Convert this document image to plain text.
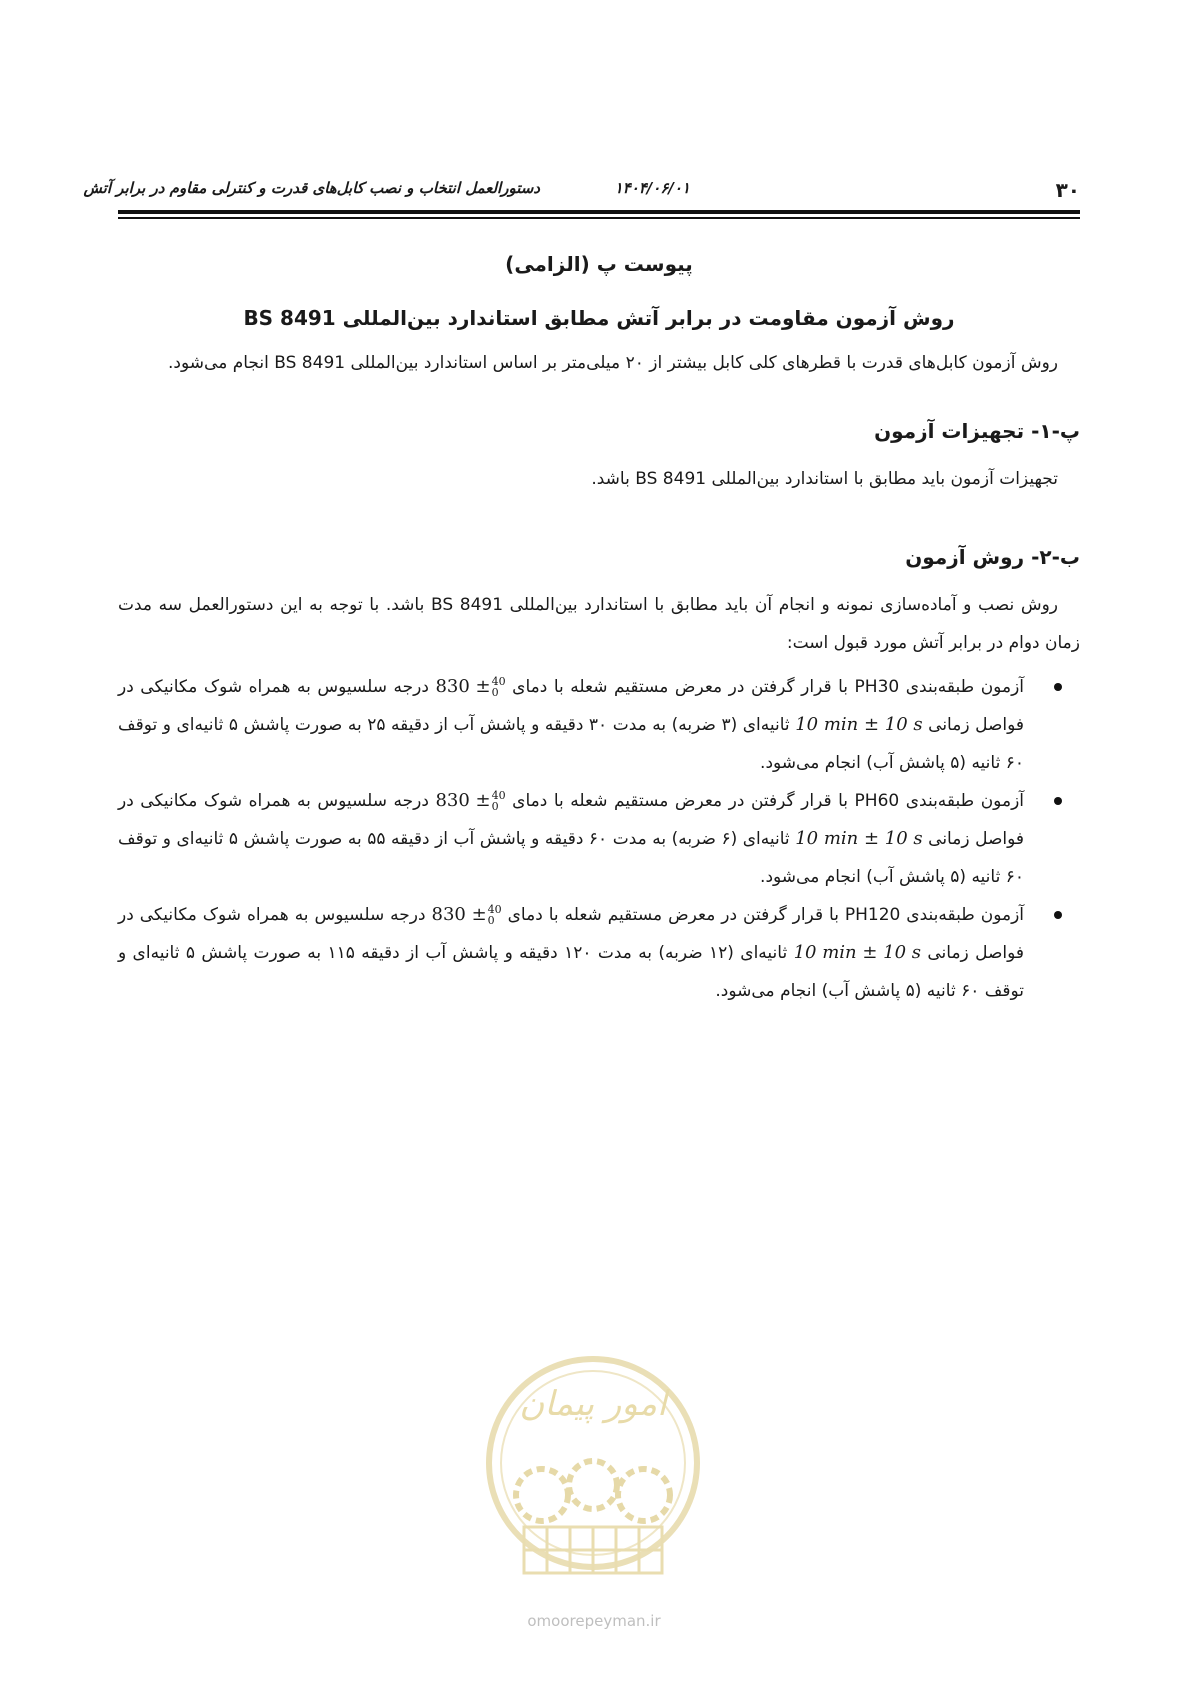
۳۰
۱۴۰۴/۰۶/۰۱
دستورالعمل انتخاب و نصب کابل‌های قدرت و کنترلی مقاوم در برابر آتش

پیوست پ (الزامی)

روش آزمون مقاومت در برابر آتش مطابق استاندارد بین‌المللی BS 8491

روش آزمون کابل‌های قدرت با قطرهای کلی کابل بیشتر از ۲۰ میلی‌متر بر اساس استاندارد بین‌المللی BS 8491 انجام می‌شود.

پ-۱- تجهیزات آزمون

تجهیزات آزمون باید مطابق با استاندارد بین‌المللی BS 8491 باشد.

ب-۲- روش آزمون

روش نصب و آماده‌سازی نمونه و انجام آن باید مطابق با استاندارد بین‌المللی BS 8491 باشد. با توجه به این دستورالعمل سه مدت زمان دوام در برابر آتش مورد قبول است:

آزمون طبقه‌بندی PH30 با قرار گرفتن در معرض مستقیم شعله با دمای 830 ± 40
0
درجه سلسیوس به همراه شوک مکانیکی در فواصل زمانی 10 min ± 10 s ثانیه‌ای (۳ ضربه) به مدت ۳۰ دقیقه و پاشش آب از دقیقه ۲۵ به صورت پاشش ۵ ثانیه‌ای و توقف ۶۰ ثانیه (۵ پاشش آب) انجام می‌شود.
آزمون طبقه‌بندی PH60 با قرار گرفتن در معرض مستقیم شعله با دمای 830 ± 40
0
درجه سلسیوس به همراه شوک مکانیکی در فواصل زمانی 10 min ± 10 s ثانیه‌ای (۶ ضربه) به مدت ۶۰ دقیقه و پاشش آب از دقیقه ۵۵ به صورت پاشش ۵ ثانیه‌ای و توقف ۶۰ ثانیه (۵ پاشش آب) انجام می‌شود.
آزمون طبقه‌بندی PH120 با قرار گرفتن در معرض مستقیم شعله با دمای 830 ± 40
0
درجه سلسیوس به همراه شوک مکانیکی در فواصل زمانی 10 min ± 10 s ثانیه‌ای (۱۲ ضربه) به مدت ۱۲۰ دقیقه و پاشش آب از دقیقه ۱۱۵ به صورت پاشش ۵ ثانیه‌ای و توقف ۶۰ ثانیه (۵ پاشش آب) انجام می‌شود.
امور پیمان
omoorepeyman.ir
